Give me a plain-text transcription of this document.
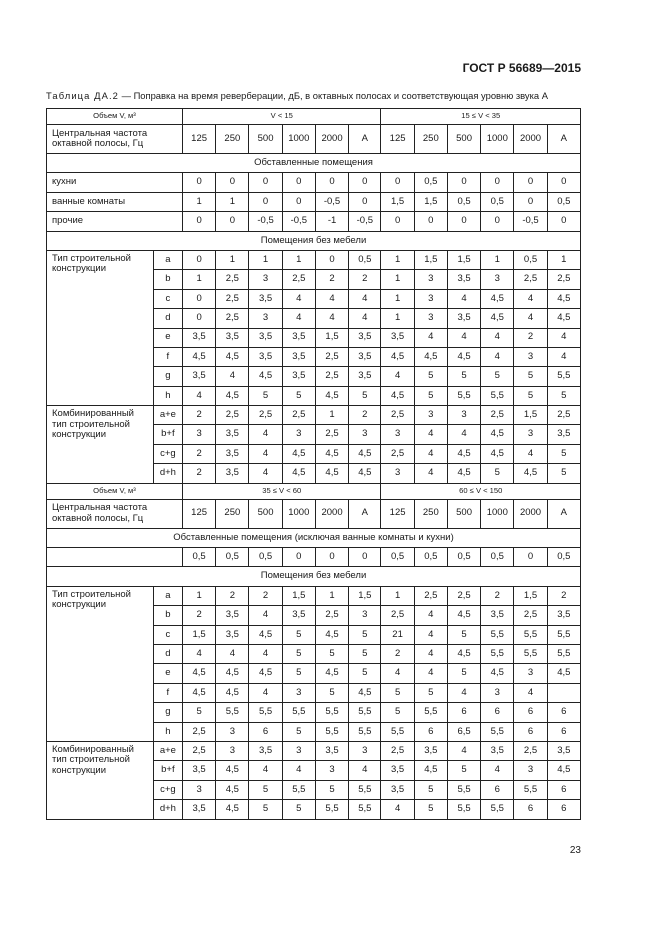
ГОСТ Р 56689—2015
Таблица ДА.2 — Поправка на время реверберации, дБ, в октавных полосах и соответствующая уровню звука А
Объем V, м³		V < 15						15 ≤ V < 35					
Центральная частота октавной полосы, Гц		125	250	500	1000	2000	A	125	250	500	1000	2000	A
Обставленные помещения													
кухни		0	0	0	0	0	0	0	0,5	0	0	0	0
ванные комнаты		1	1	0	0	-0,5	0	1,5	1,5	0,5	0,5	0	0,5
прочие		0	0	-0,5	-0,5	-1	-0,5	0	0	0	0	-0,5	0
Помещения без мебели													
Тип строительной конструкции	a	0	1	1	1	0	0,5	1	1,5	1,5	1	0,5	1
	b	1	2,5	3	2,5	2	2	1	3	3,5	3	2,5	2,5
	c	0	2,5	3,5	4	4	4	1	3	4	4,5	4	4,5
	d	0	2,5	3	4	4	4	1	3	3,5	4,5	4	4,5
	e	3,5	3,5	3,5	3,5	1,5	3,5	3,5	4	4	4	2	4
	f	4,5	4,5	3,5	3,5	2,5	3,5	4,5	4,5	4,5	4	3	4
	g	3,5	4	4,5	3,5	2,5	3,5	4	5	5	5	5	5,5
	h	4	4,5	5	5	4,5	5	4,5	5	5,5	5,5	5	5
Комбинированный тип строительной конструкции	a+e	2	2,5	2,5	2,5	1	2	2,5	3	3	2,5	1,5	2,5
	b+f	3	3,5	4	3	2,5	3	3	4	4	4,5	3	3,5
	c+g	2	3,5	4	4,5	4,5	4,5	2,5	4	4,5	4,5	4	5
	d+h	2	3,5	4	4,5	4,5	4,5	3	4	4,5	5	4,5	5
Объем V, м³		35 ≤ V < 60						60 ≤ V < 150					
Центральная частота октавной полосы, Гц		125	250	500	1000	2000	A	125	250	500	1000	2000	A
Обставленные помещения (исключая ванные комнаты и кухни)													
		0,5	0,5	0,5	0	0	0	0,5	0,5	0,5	0,5	0	0,5
Помещения без мебели													
Тип строительной конструкции	a	1	2	2	1,5	1	1,5	1	2,5	2,5	2	1,5	2
	b	2	3,5	4	3,5	2,5	3	2,5	4	4,5	3,5	2,5	3,5
	c	1,5	3,5	4,5	5	4,5	5	21	4	5	5,5	5,5	5,5
	d	4	4	4	5	5	5	2	4	4,5	5,5	5,5	5,5
	e	4,5	4,5	4,5	5	4,5	5	4	4	5	4,5	3	4,5
	f	4,5	4,5	4	3	5	4,5	5	5	4	3	4	
	g	5	5,5	5,5	5,5	5,5	5,5	5	5,5	6	6	6	6
	h	2,5	3	6	5	5,5	5,5	5,5	6	6,5	5,5	6	6
Комбинированный тип строительной конструкции	a+e	2,5	3	3,5	3	3,5	3	2,5	3,5	4	3,5	2,5	3,5
	b+f	3,5	4,5	4	4	3	4	3,5	4,5	5	4	3	4,5
	c+g	3	4,5	5	5,5	5	5,5	3,5	5	5,5	6	5,5	6
	d+h	3,5	4,5	5	5	5,5	5,5	4	5	5,5	5,5	6	6
23
